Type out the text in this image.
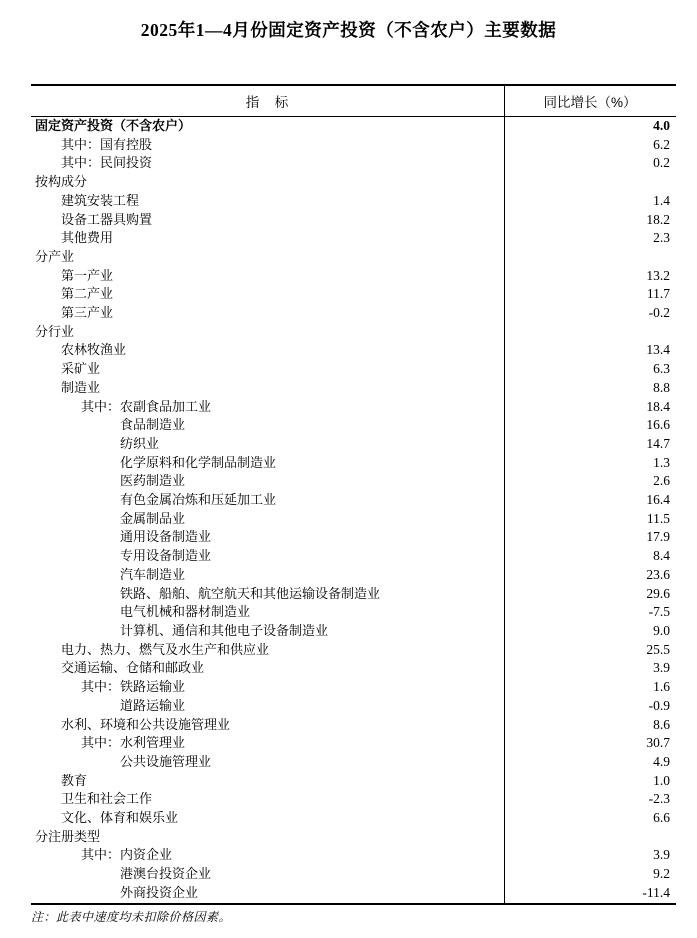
2025年1—4月份固定资产投资（不含农户）主要数据
指　标	同比增长（%）
固定资产投资（不含农户）	4.0
其中：国有控股	6.2
其中：民间投资	0.2
按构成分
建筑安装工程	1.4
设备工器具购置	18.2
其他费用	2.3
分产业
第一产业	13.2
第二产业	11.7
第三产业	-0.2
分行业
农林牧渔业	13.4
采矿业	6.3
制造业	8.8
其中：农副食品加工业	18.4
食品制造业	16.6
纺织业	14.7
化学原料和化学制品制造业	1.3
医药制造业	2.6
有色金属冶炼和压延加工业	16.4
金属制品业	11.5
通用设备制造业	17.9
专用设备制造业	8.4
汽车制造业	23.6
铁路、船舶、航空航天和其他运输设备制造业	29.6
电气机械和器材制造业	-7.5
计算机、通信和其他电子设备制造业	9.0
电力、热力、燃气及水生产和供应业	25.5
交通运输、仓储和邮政业	3.9
其中：铁路运输业	1.6
道路运输业	-0.9
水利、环境和公共设施管理业	8.6
其中：水利管理业	30.7
公共设施管理业	4.9
教育	1.0
卫生和社会工作	-2.3
文化、体育和娱乐业	6.6
分注册类型
其中：内资企业	3.9
港澳台投资企业	9.2
外商投资企业	-11.4
注：此表中速度均未扣除价格因素。
